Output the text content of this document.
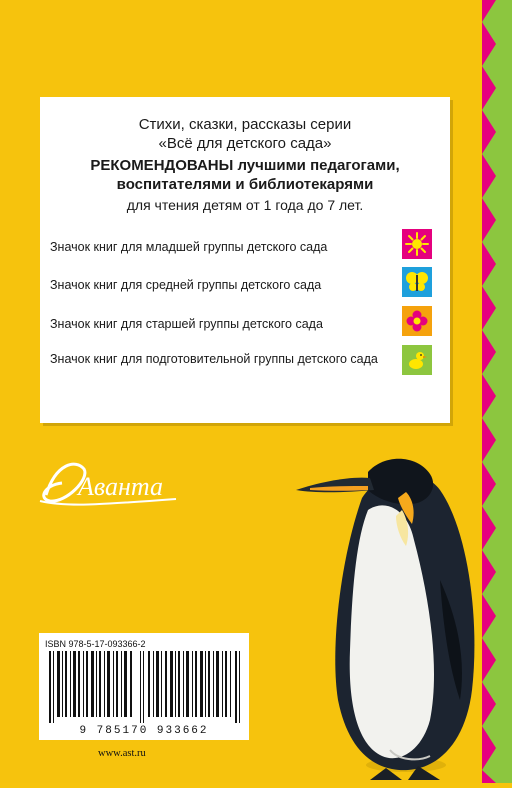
Стихи, сказки, рассказы серии
«Всё для детского сада»
РЕКОМЕНДОВАНЫ лучшими педагогами,
воспитателями и библиотекарями
для чтения детям от 1 года до 7 лет.
Значок книг для младшей группы детского сада
Значок книг для средней группы детского сада
Значок книг для старшей группы детского сада
Значок книг для подготовительной группы детского сада
Аванта
ISBN 978-5-17-093366-2
9 785170 933662
www.ast.ru
